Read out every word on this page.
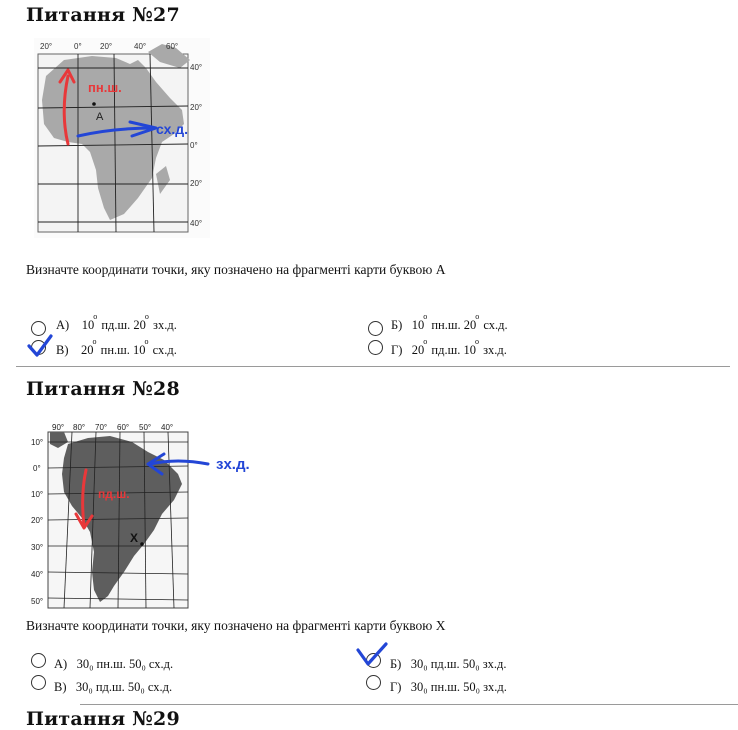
Питання №27
20°	0° 20°	40° 60°
40°
20°
0°
20°
40°
А
пн.ш.
сх.д.
Визначте координати точки, яку позначено на фрагменті карти буквою А
А) 10$^o$ пд.ш. 20$^o$ зх.д.	Б) 10$^o$ пн.ш. 20$^o$ сх.д.
В) 20$^o$ пн.ш. 10$^o$ сх.д.	Г) 20$^o$ пд.ш. 10$^o$ зх.д.
Питання №28
90° 80° 70° 60° 50° 40°
10°
0°
10°
20°
30°
40°
50°
Х
зх.д.
пд.ш.
Визначте координати точки, яку позначено на фрагменті карти буквою Х
А) 30₀ пн.ш. 50₀ сх.д.	Б) 30₀ пд.ш. 50₀ зх.д.
В) 30₀ пд.ш. 50₀ сх.д.	Г) 30₀ пн.ш. 50₀ зх.д.
Питання №29
